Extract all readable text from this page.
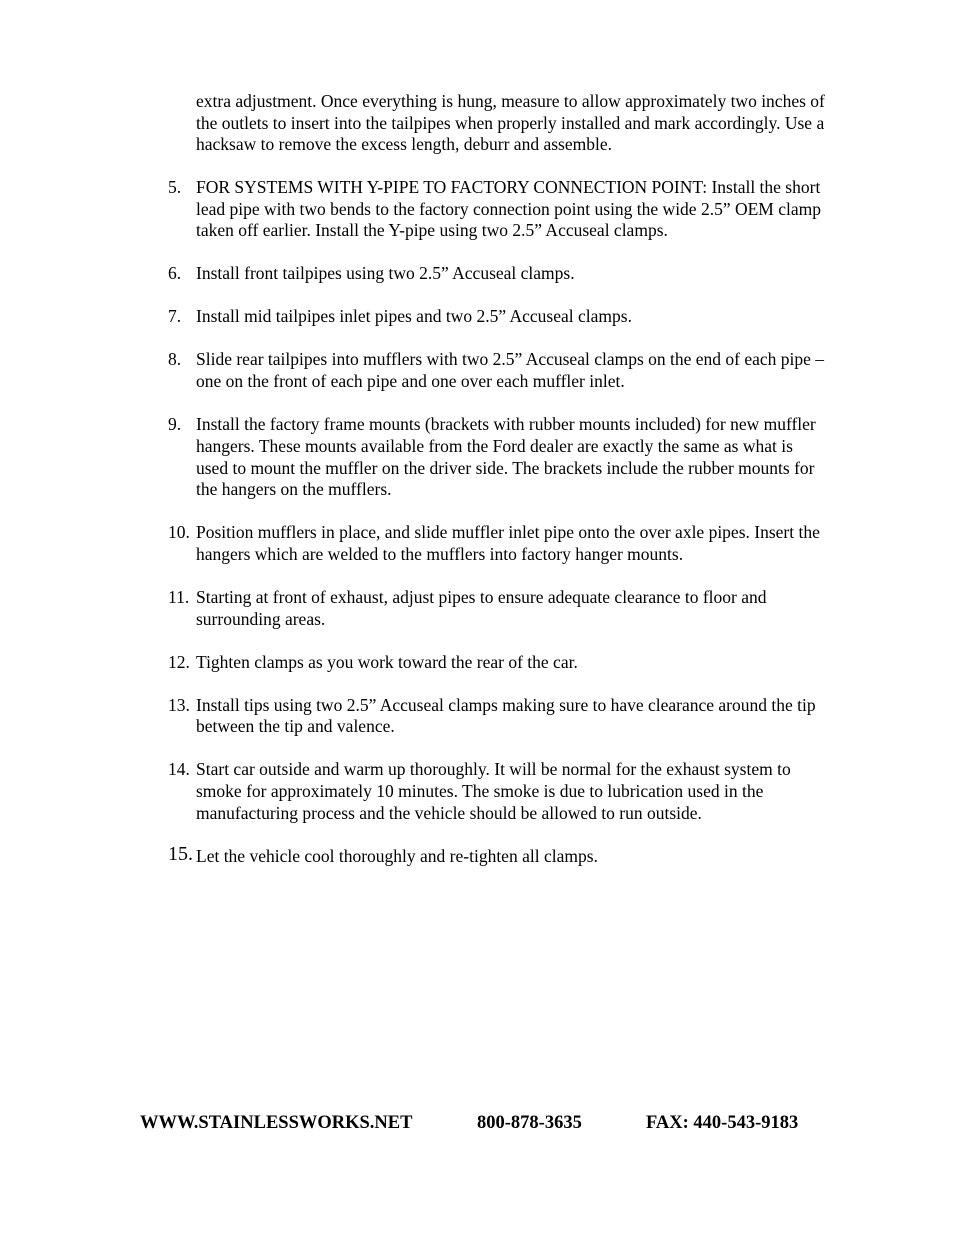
extra adjustment. Once everything is hung, measure to allow approximately two inches of the outlets to insert into the tailpipes when properly installed and mark accordingly. Use a hacksaw to remove the excess length, deburr and assemble.
5. FOR SYSTEMS WITH Y-PIPE TO FACTORY CONNECTION POINT: Install the short lead pipe with two bends to the factory connection point using the wide 2.5” OEM clamp taken off earlier. Install the Y-pipe using two 2.5” Accuseal clamps.
6. Install front tailpipes using two 2.5” Accuseal clamps.
7. Install mid tailpipes inlet pipes and two 2.5” Accuseal clamps.
8. Slide rear tailpipes into mufflers with two 2.5” Accuseal clamps on the end of each pipe – one on the front of each pipe and one over each muffler inlet.
9. Install the factory frame mounts (brackets with rubber mounts included) for new muffler hangers. These mounts available from the Ford dealer are exactly the same as what is used to mount the muffler on the driver side. The brackets include the rubber mounts for the hangers on the mufflers.
10. Position mufflers in place, and slide muffler inlet pipe onto the over axle pipes. Insert the hangers which are welded to the mufflers into factory hanger mounts.
11. Starting at front of exhaust, adjust pipes to ensure adequate clearance to floor and surrounding areas.
12. Tighten clamps as you work toward the rear of the car.
13. Install tips using two 2.5” Accuseal clamps making sure to have clearance around the tip between the tip and valence.
14. Start car outside and warm up thoroughly. It will be normal for the exhaust system to smoke for approximately 10 minutes. The smoke is due to lubrication used in the manufacturing process and the vehicle should be allowed to run outside.
15. Let the vehicle cool thoroughly and re-tighten all clamps.
WWW.STAINLESSWORKS.NET	800-878-3635	FAX: 440-543-9183
